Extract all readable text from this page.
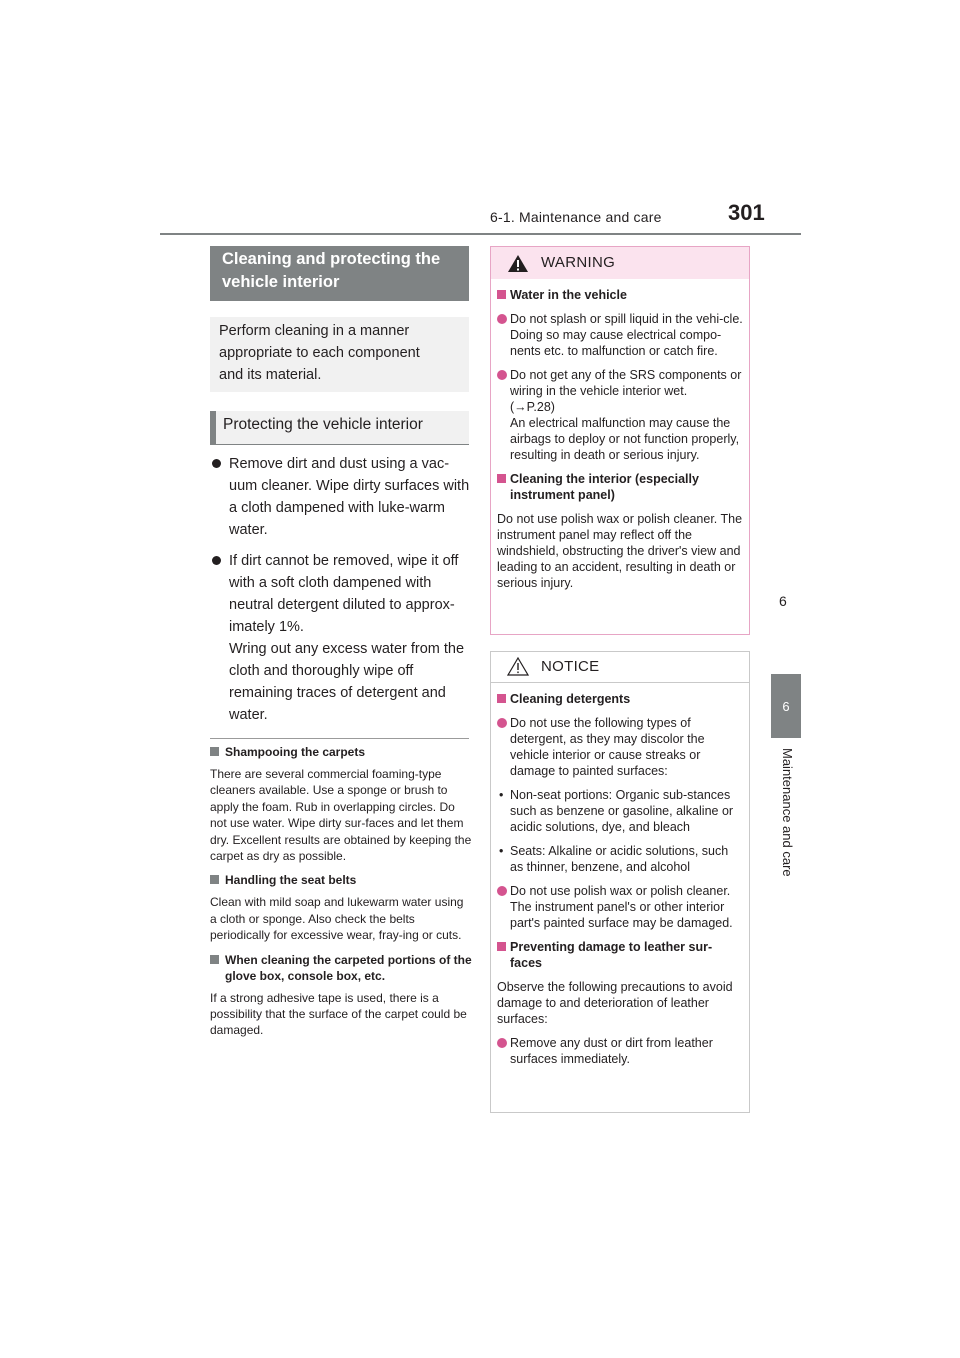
6-1. Maintenance and care	301
6
6
Maintenance and care
Cleaning and protecting the
vehicle interior
Perform cleaning in a manner
appropriate to each component
and its material.
Protecting the vehicle interior
Remove dirt and dust using a vac-uum cleaner. Wipe dirty surfaces with a cloth dampened with luke-warm water.
If dirt cannot be removed, wipe it off with a soft cloth dampened with neutral detergent diluted to approx-imately 1%.
Wring out any excess water from the cloth and thoroughly wipe off remaining traces of detergent and water.
Shampooing the carpets
There are several commercial foaming-type cleaners available. Use a sponge or brush to apply the foam. Rub in overlapping circles. Do not use water. Wipe dirty sur-faces and let them dry. Excellent results are obtained by keeping the carpet as dry as possible.
Handling the seat belts
Clean with mild soap and lukewarm water using a cloth or sponge. Also check the belts periodically for excessive wear, fray-ing or cuts.
When cleaning the carpeted portions of the glove box, console box, etc.
If a strong adhesive tape is used, there is a possibility that the surface of the carpet could be damaged.
WARNING
Water in the vehicle
Do not splash or spill liquid in the vehi-cle.
Doing so may cause electrical compo-nents etc. to malfunction or catch fire.
Do not get any of the SRS components or wiring in the vehicle interior wet.
(→P.28)
An electrical malfunction may cause the airbags to deploy or not function properly, resulting in death or serious injury.
Cleaning the interior (especially instrument panel)
Do not use polish wax or polish cleaner. The instrument panel may reflect off the windshield, obstructing the driver's view and leading to an accident, resulting in death or serious injury.
NOTICE
Cleaning detergents
Do not use the following types of detergent, as they may discolor the vehicle interior or cause streaks or damage to painted surfaces:
• Non-seat portions: Organic sub-stances such as benzene or gasoline, alkaline or acidic solutions, dye, and bleach
• Seats: Alkaline or acidic solutions, such as thinner, benzene, and alcohol
Do not use polish wax or polish cleaner. The instrument panel's or other interior part's painted surface may be damaged.
Preventing damage to leather sur-faces
Observe the following precautions to avoid damage to and deterioration of leather surfaces:
Remove any dust or dirt from leather surfaces immediately.
